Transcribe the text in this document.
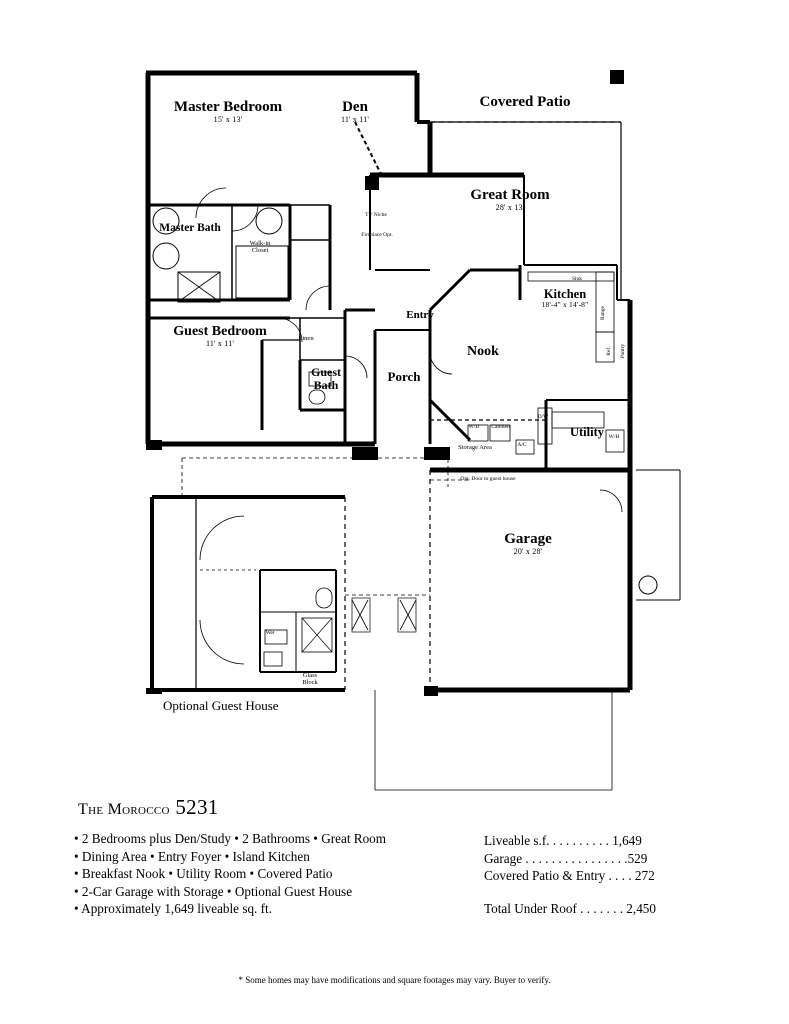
Master Bedroom
15' x 13'
Den
11' x 11'
Covered Patio
Great Room
28' x 13'
Master Bath
Kitchen
18'-4" x 14'-8"
Guest Bedroom
11' x 11'
Guest Bath
Porch
Nook
Entry
Utility
Garage
20' x 28'
Walk-in
Closet
Linen
TV Niche
Fireplace Opt.
Storage Area
Opt. Door to guest house
Glass
Block
Wet
W/H
A/C
W/D	Cabinets
Sink
Range
Ref. Pantry
D/W
Optional Guest House
The Morocco 5231
• 2 Bedrooms plus Den/Study • 2 Bathrooms • Great Room
• Dining Area • Entry Foyer • Island Kitchen
• Breakfast Nook • Utility Room • Covered Patio
• 2-Car Garage with Storage • Optional Guest House
• Approximately 1,649 liveable sq. ft.
Liveable s.f. . . . . . . . . . 1,649
Garage . . . . . . . . . . . . . . . .529
Covered Patio & Entry . . . . 272
Total Under Roof . . . . . . . 2,450
* Some homes may have modifications and square footages may vary. Buyer to verify.
